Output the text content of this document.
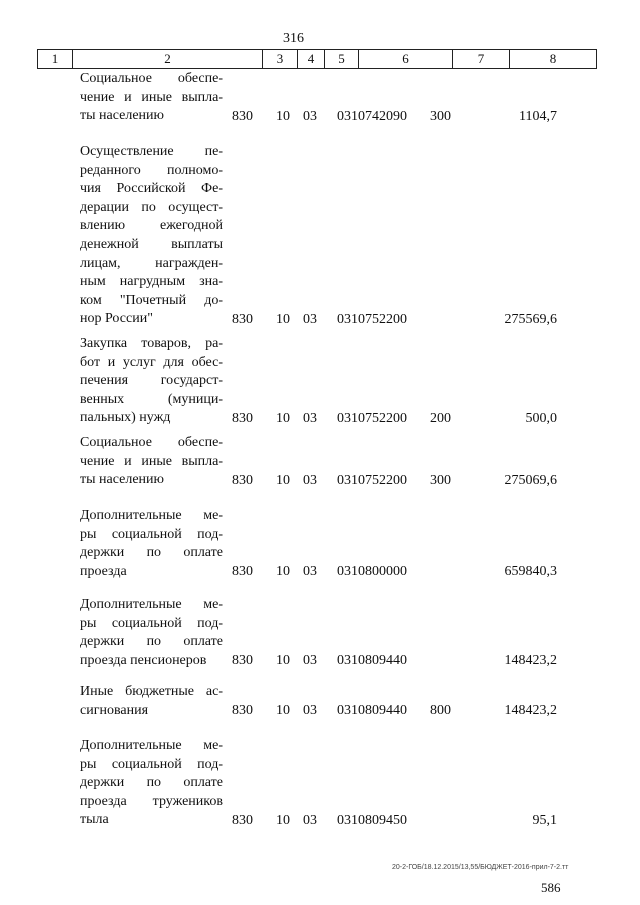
316
1	2	3	4	5	6	7	8
Социальное обеспе-
чение и иные выпла-
ты населению	830 10 03 0310742090 300	1104,7
Осуществление пе-
реданного полномо-
чия Российской Фе-
дерации по осущест-
влению ежегодной
денежной выплаты
лицам, награжден-
ным нагрудным зна-
ком "Почетный до-
нор России"	830 10 03 0310752200	275569,6
Закупка товаров, ра-
бот и услуг для обес-
печения государст-
венных (муници-
пальных) нужд	830 10 03 0310752200 200	500,0
Социальное обеспе-
чение и иные выпла-
ты населению	830 10 03 0310752200 300	275069,6
Дополнительные ме-
ры социальной под-
держки по оплате
проезда	830 10 03 0310800000	659840,3
Дополнительные ме-
ры социальной под-
держки по оплате
проезда пенсионеров	830 10 03 0310809440	148423,2
Иные бюджетные ас-
сигнования	830 10 03 0310809440 800	148423,2
Дополнительные ме-
ры социальной под-
держки по оплате
проезда тружеников
тыла	830 10 03 0310809450	95,1
20-2-ГОБ/18.12.2015/13,55/БЮДЖЕТ-2016-прил-7-2.тт
586
